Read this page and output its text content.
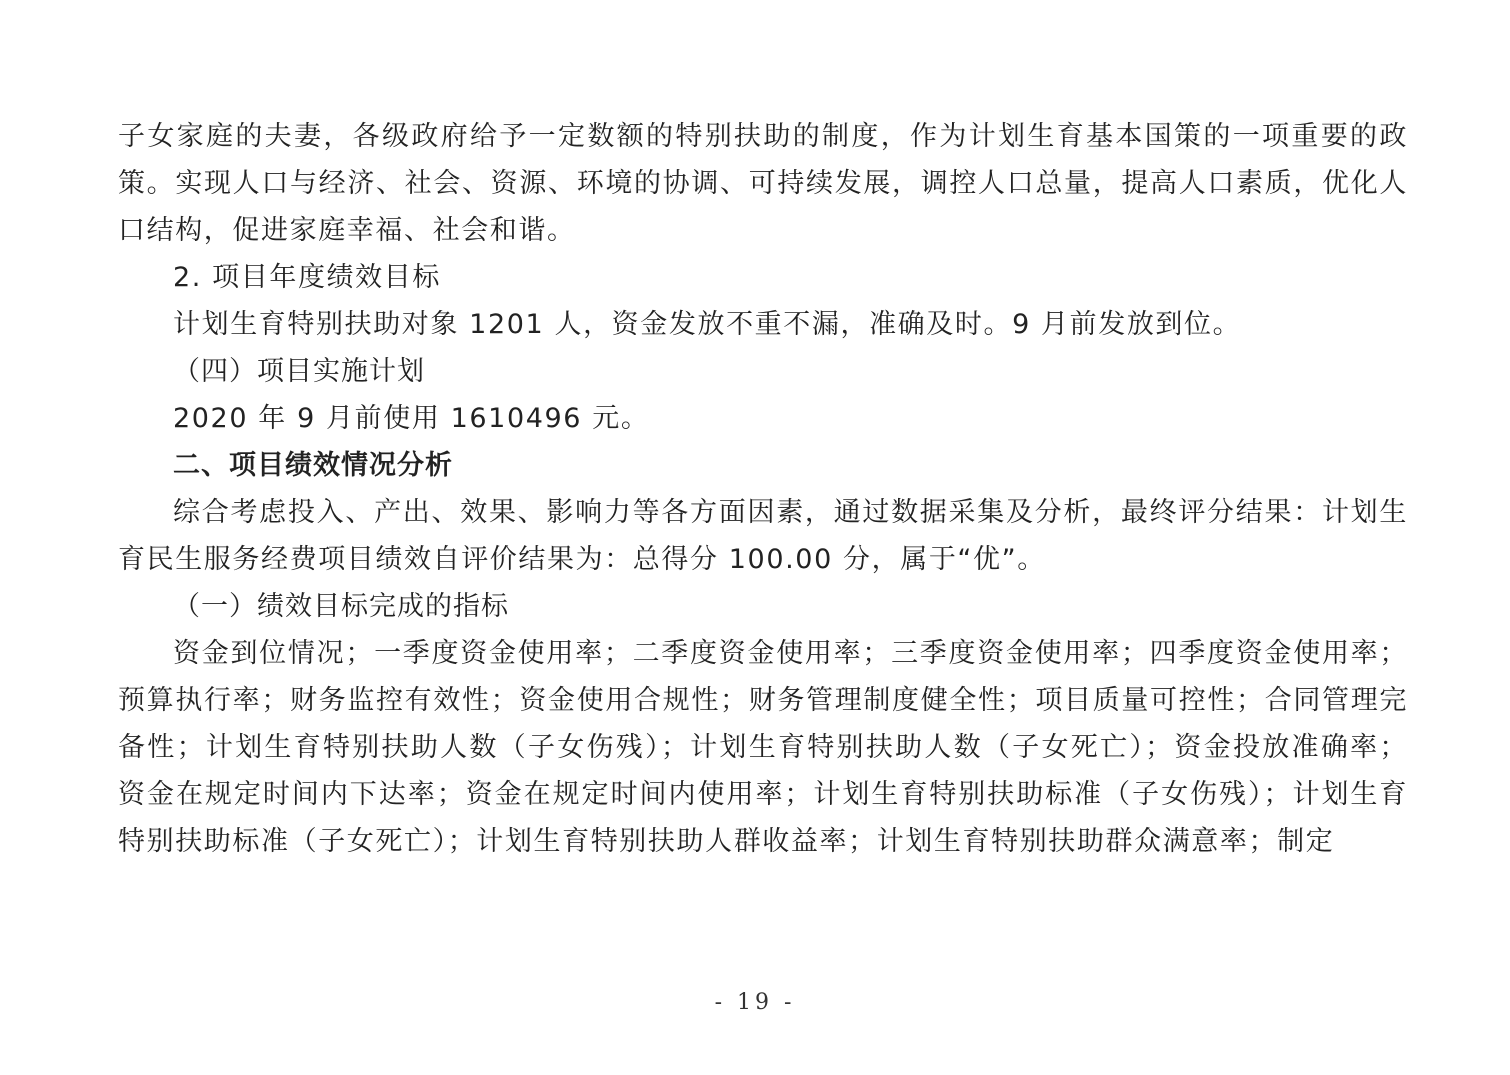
子女家庭的夫妻，各级政府给予一定数额的特别扶助的制度，作为计划生育基本国策的一项重要的政策。实现人口与经济、社会、资源、环境的协调、可持续发展，调控人口总量，提高人口素质，优化人口结构，促进家庭幸福、社会和谐。

2. 项目年度绩效目标

计划生育特别扶助对象 1201 人，资金发放不重不漏，准确及时。9 月前发放到位。

（四）项目实施计划

2020 年 9 月前使用 1610496 元。

二、项目绩效情况分析

综合考虑投入、产出、效果、影响力等各方面因素，通过数据采集及分析，最终评分结果：计划生育民生服务经费项目绩效自评价结果为：总得分 100.00 分，属于“优”。

（一）绩效目标完成的指标

资金到位情况；一季度资金使用率；二季度资金使用率；三季度资金使用率；四季度资金使用率；预算执行率；财务监控有效性；资金使用合规性；财务管理制度健全性；项目质量可控性；合同管理完备性；计划生育特别扶助人数（子女伤残）；计划生育特别扶助人数（子女死亡）；资金投放准确率； 资金在规定时间内下达率；资金在规定时间内使用率；计划生育特别扶助标准（子女伤残）；计划生育特别扶助标准（子女死亡）；计划生育特别扶助人群收益率；计划生育特别扶助群众满意率；制定

- 19 -
